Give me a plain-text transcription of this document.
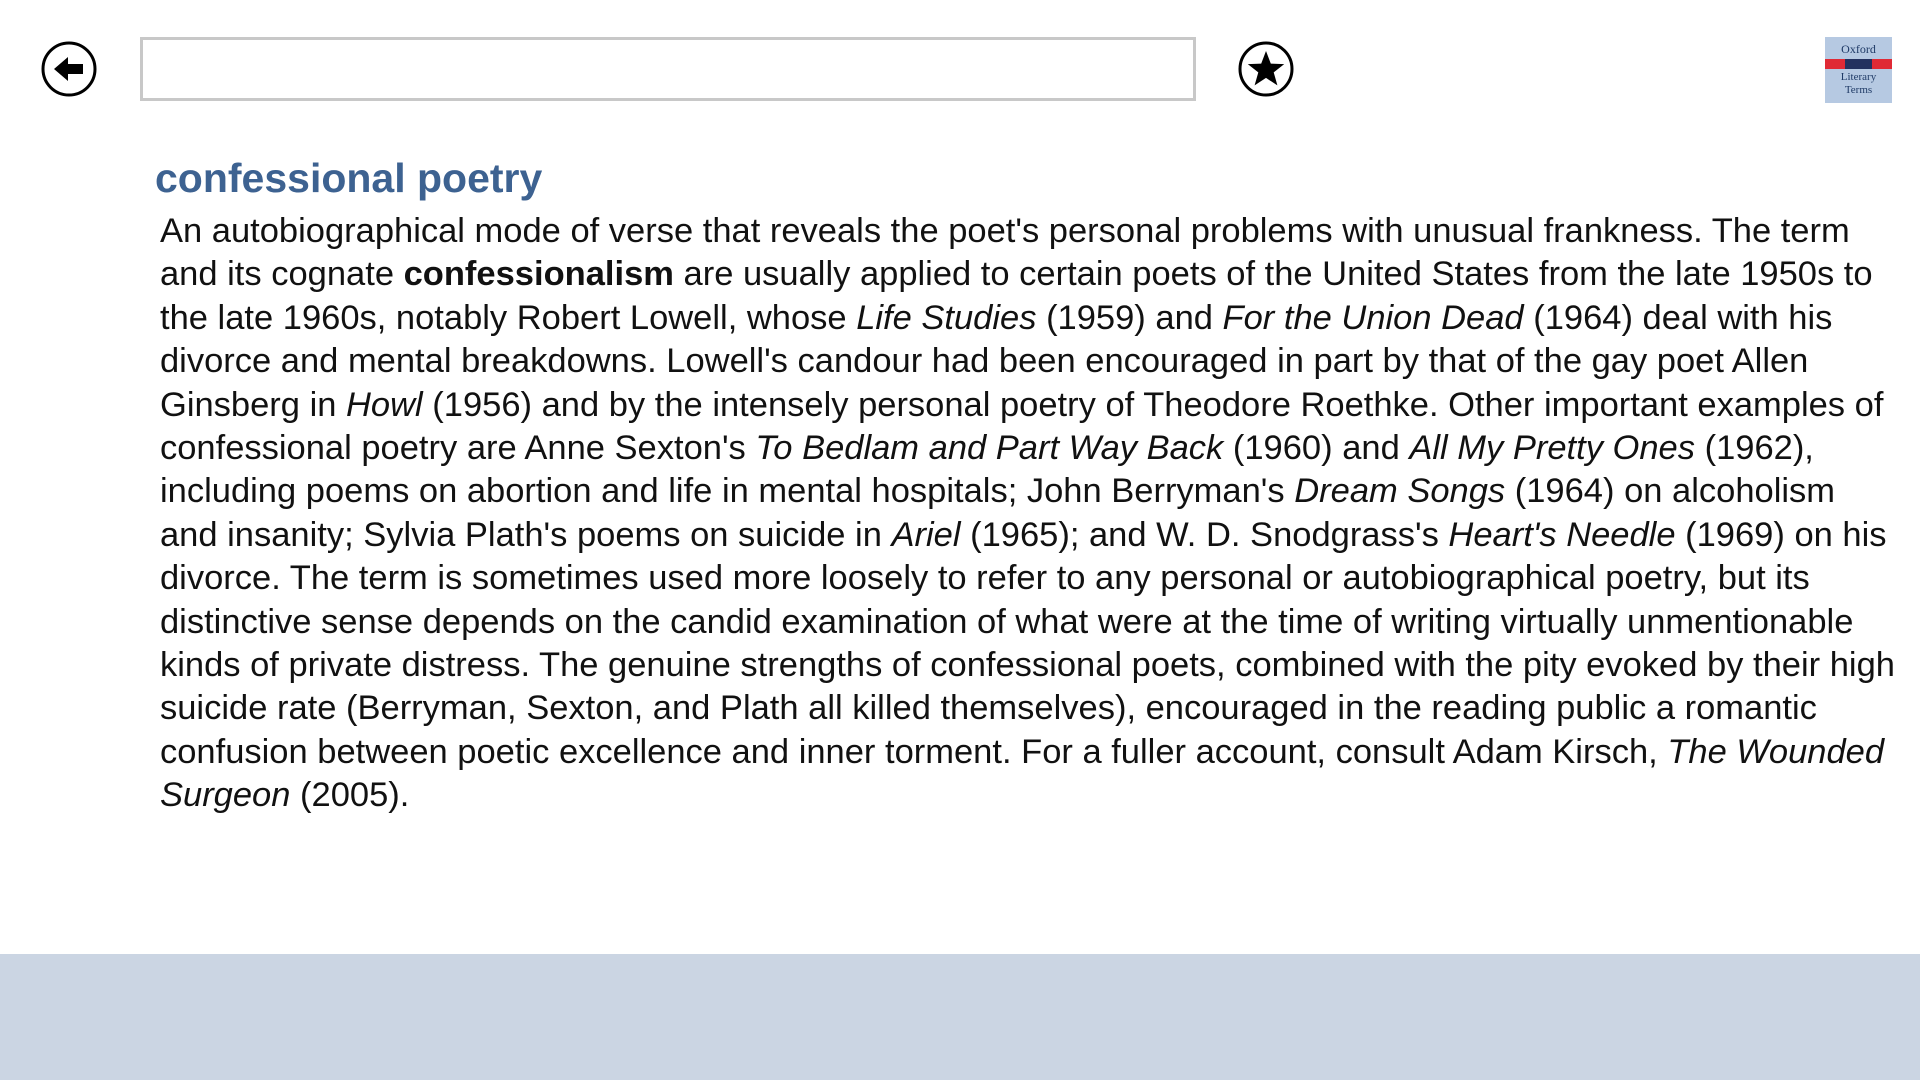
Oxford
Literary
Terms
confessional poetry

An autobiographical mode of verse that reveals the poet's personal problems with unusual frankness. The term and its cognate confessionalism are usually applied to certain poets of the United States from the late 1950s to the late 1960s, notably Robert Lowell, whose Life Studies (1959) and For the Union Dead (1964) deal with his divorce and mental breakdowns. Lowell's candour had been encouraged in part by that of the gay poet Allen Ginsberg in Howl (1956) and by the intensely personal poetry of Theodore Roethke. Other important examples of confessional poetry are Anne Sexton's To Bedlam and Part Way Back (1960) and All My Pretty Ones (1962), including poems on abortion and life in mental hospitals; John Berryman's Dream Songs (1964) on alcoholism and insanity; Sylvia Plath's poems on suicide in Ariel (1965); and W. D. Snodgrass's Heart's Needle (1969) on his divorce. The term is sometimes used more loosely to refer to any personal or autobiographical poetry, but its distinctive sense depends on the candid examination of what were at the time of writing virtually unmentionable kinds of private distress. The genuine strengths of confessional poets, combined with the pity evoked by their high suicide rate (Berryman, Sexton, and Plath all killed themselves), encouraged in the reading public a romantic confusion between poetic excellence and inner torment. For a fuller account, consult Adam Kirsch, The Wounded Surgeon (2005).
